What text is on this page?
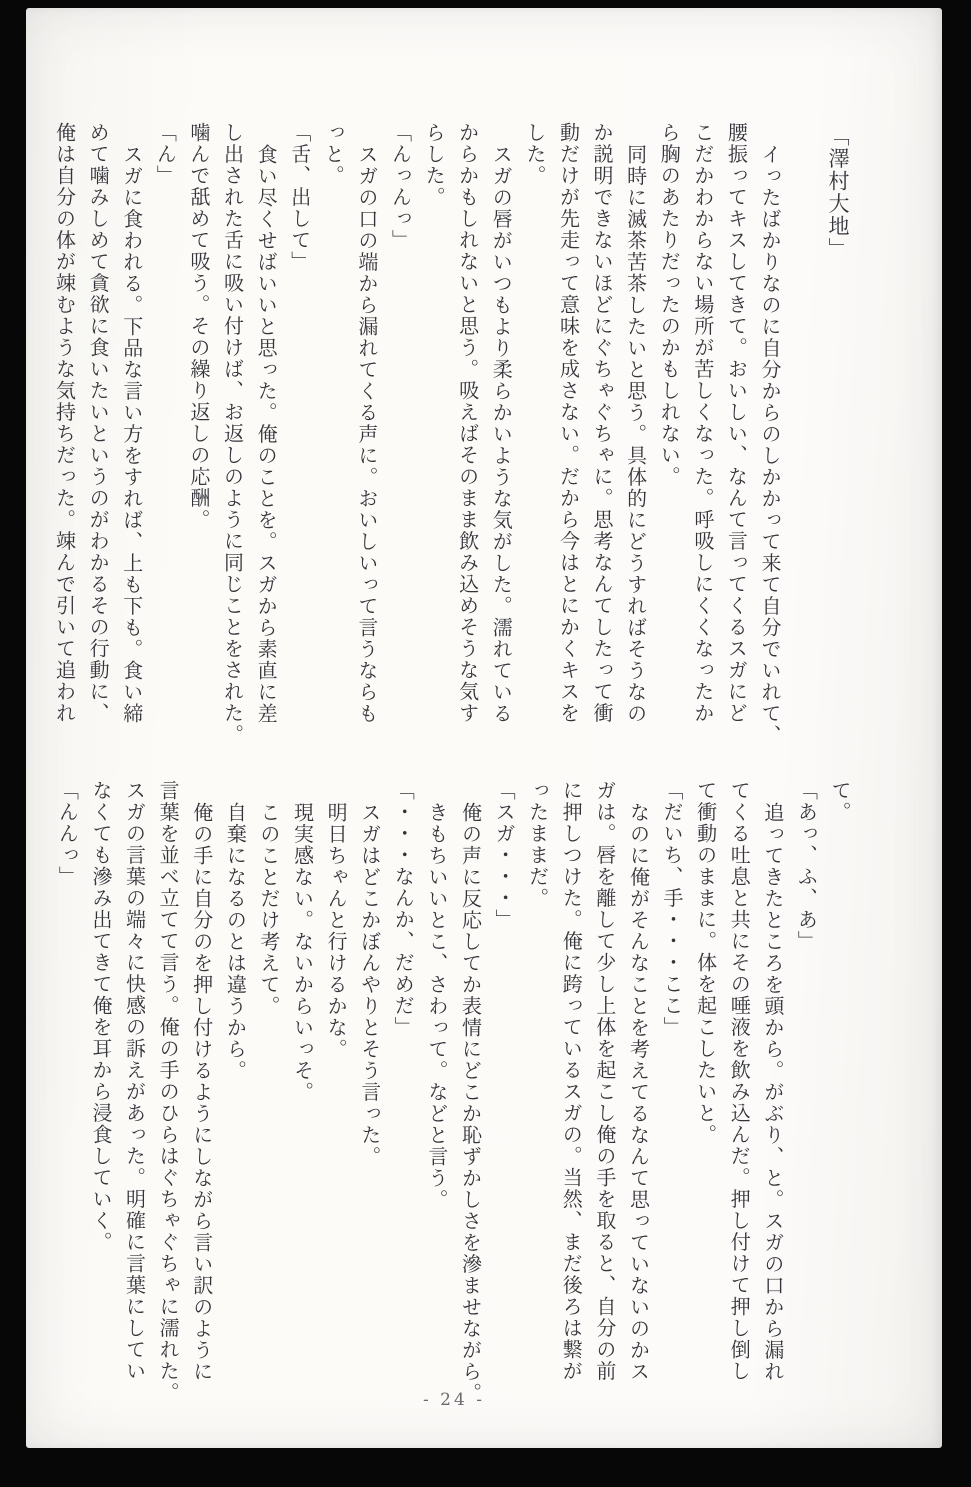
「澤村大地」
イったばかりなのに自分からのしかかって来て自分でいれて、
腰振ってキスしてきて。おいしい、なんて言ってくるスガにど
こだかわからない場所が苦しくなった。呼吸しにくくなったか
ら胸のあたりだったのかもしれない。
同時に滅茶苦茶したいと思う。具体的にどうすればそうなの
か説明できないほどにぐちゃぐちゃに。思考なんてしたって衝
動だけが先走って意味を成さない。だから今はとにかくキスを
した。
スガの唇がいつもより柔らかいような気がした。濡れている
からかもしれないと思う。吸えばそのまま飲み込めそうな気す
らした。
「んっんっ」
スガの口の端から漏れてくる声に。おいしいって言うならも
っと。
「舌、出して」
食い尽くせばいいと思った。俺のことを。スガから素直に差
し出された舌に吸い付けば、お返しのように同じことをされた。
噛んで舐めて吸う。その繰り返しの応酬。
「ん」
スガに食われる。下品な言い方をすれば、上も下も。食い締
めて噛みしめて貪欲に食いたいというのがわかるその行動に、
俺は自分の体が竦むような気持ちだった。竦んで引いて追われ
て。
「あっ、ふ、あ」
追ってきたところを頭から。がぶり、と。スガの口から漏れ
てくる吐息と共にその唾液を飲み込んだ。押し付けて押し倒し
て衝動のままに。体を起こしたいと。
「だいち、手・・・ここ」
なのに俺がそんなことを考えてるなんて思っていないのかス
ガは。唇を離して少し上体を起こし俺の手を取ると、自分の前
に押しつけた。俺に跨っているスガの。当然、まだ後ろは繋が
ったままだ。
「スガ・・・」
俺の声に反応してか表情にどこか恥ずかしさを滲ませながら。
きもちいいとこ、さわって。などと言う。
「・・・なんか、だめだ」
スガはどこかぼんやりとそう言った。
明日ちゃんと行けるかな。
現実感ない。ないからいっそ。
このことだけ考えて。
自棄になるのとは違うから。
俺の手に自分のを押し付けるようにしながら言い訳のように
言葉を並べ立てて言う。俺の手のひらはぐちゃぐちゃに濡れた。
スガの言葉の端々に快感の訴えがあった。明確に言葉にしてい
なくても滲み出てきて俺を耳から浸食していく。
「んんっ」
- 24 -
